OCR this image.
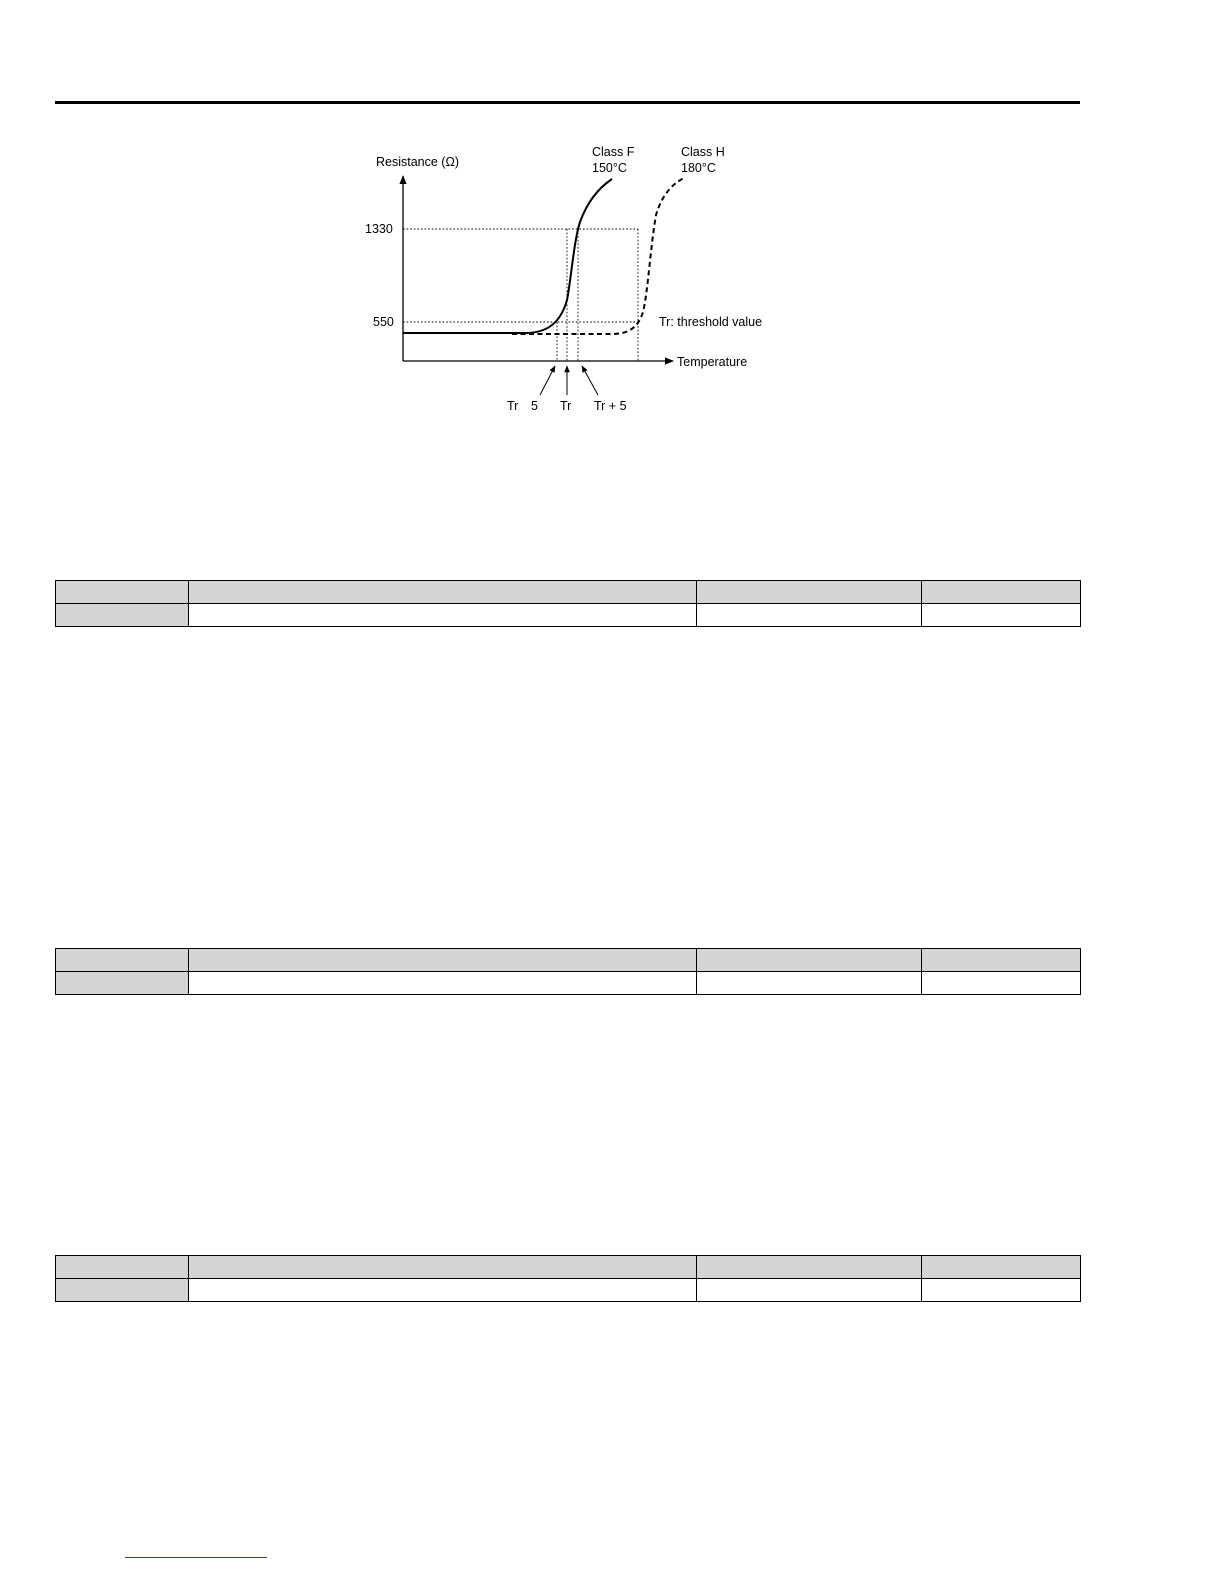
Resistance (Ω)
Temperature
1330
550
Class F
150°C
Class H
180°C
Tr: threshold value
Tr 5 Tr Tr + 5
